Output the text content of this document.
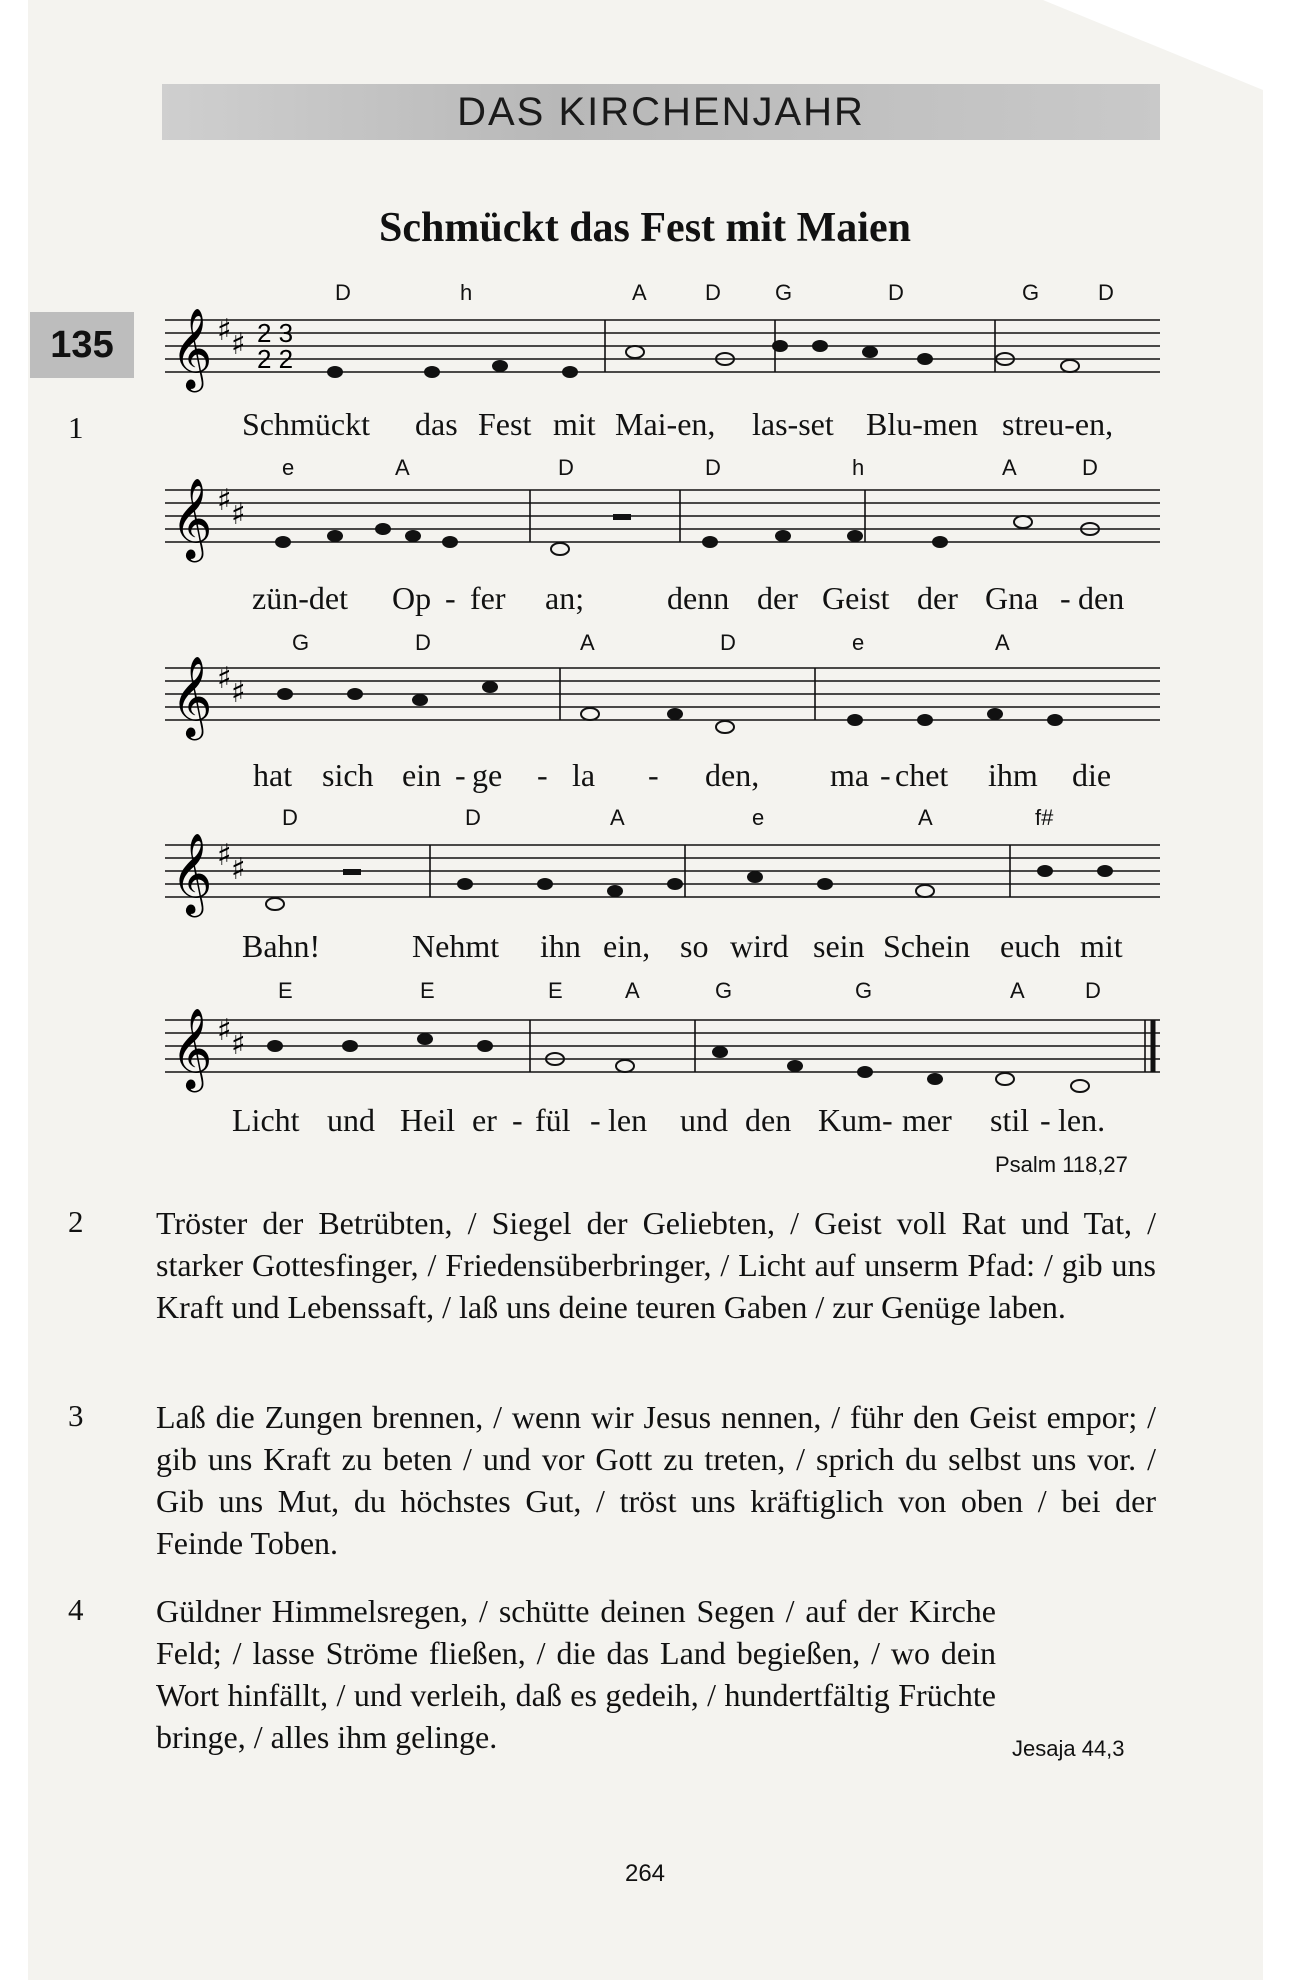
DAS KIRCHENJAHR
135
Schmückt das Fest mit Maien
𝄞 ♯ ♯ 2 3
2 2
𝄞 ♯ ♯
𝄞 ♯ ♯
𝄞 ♯ ♯
𝄞 ♯ ♯
1
D	h	A	D G	D	G	D
e	A	D	D	h	A	D
G	D	A	D	e	A
D	D	A	e	A	f#
E	E	E	A	G	G	A	D
Schmückt das Fest mit Mai-en, las-set Blu-men streu-en,
zün-det Op - fer an;	denn der Geist der Gna - den
hat sich ein - ge - la - den, ma - chet ihm die
Bahn!	Nehmt ihn ein, so wird sein Schein euch mit
Licht und Heil er - fül - len und den Kum- mer stil - len.
Psalm 118,27
2 Tröster der Betrübten, / Siegel der Geliebten, / Geist voll Rat und Tat, / starker Gottesfinger, / Friedensüberbringer, / Licht auf unserm Pfad: / gib uns Kraft und Lebenssaft, / laß uns deine teuren Gaben / zur Genüge laben.
3 Laß die Zungen brennen, / wenn wir Jesus nennen, / führ den Geist empor; / gib uns Kraft zu beten / und vor Gott zu treten, / sprich du selbst uns vor. / Gib uns Mut, du höchstes Gut, / tröst uns kräftiglich von oben / bei der Feinde Toben.
4 Güldner Himmelsregen, / schütte deinen Segen / auf der Kirche Feld; / lasse Ströme fließen, / die das Land begießen, / wo dein Wort hinfällt, / und verleih, daß es gedeih, / hundertfältig Früchte bringe, / alles ihm gelinge.	Jesaja 44,3
264
